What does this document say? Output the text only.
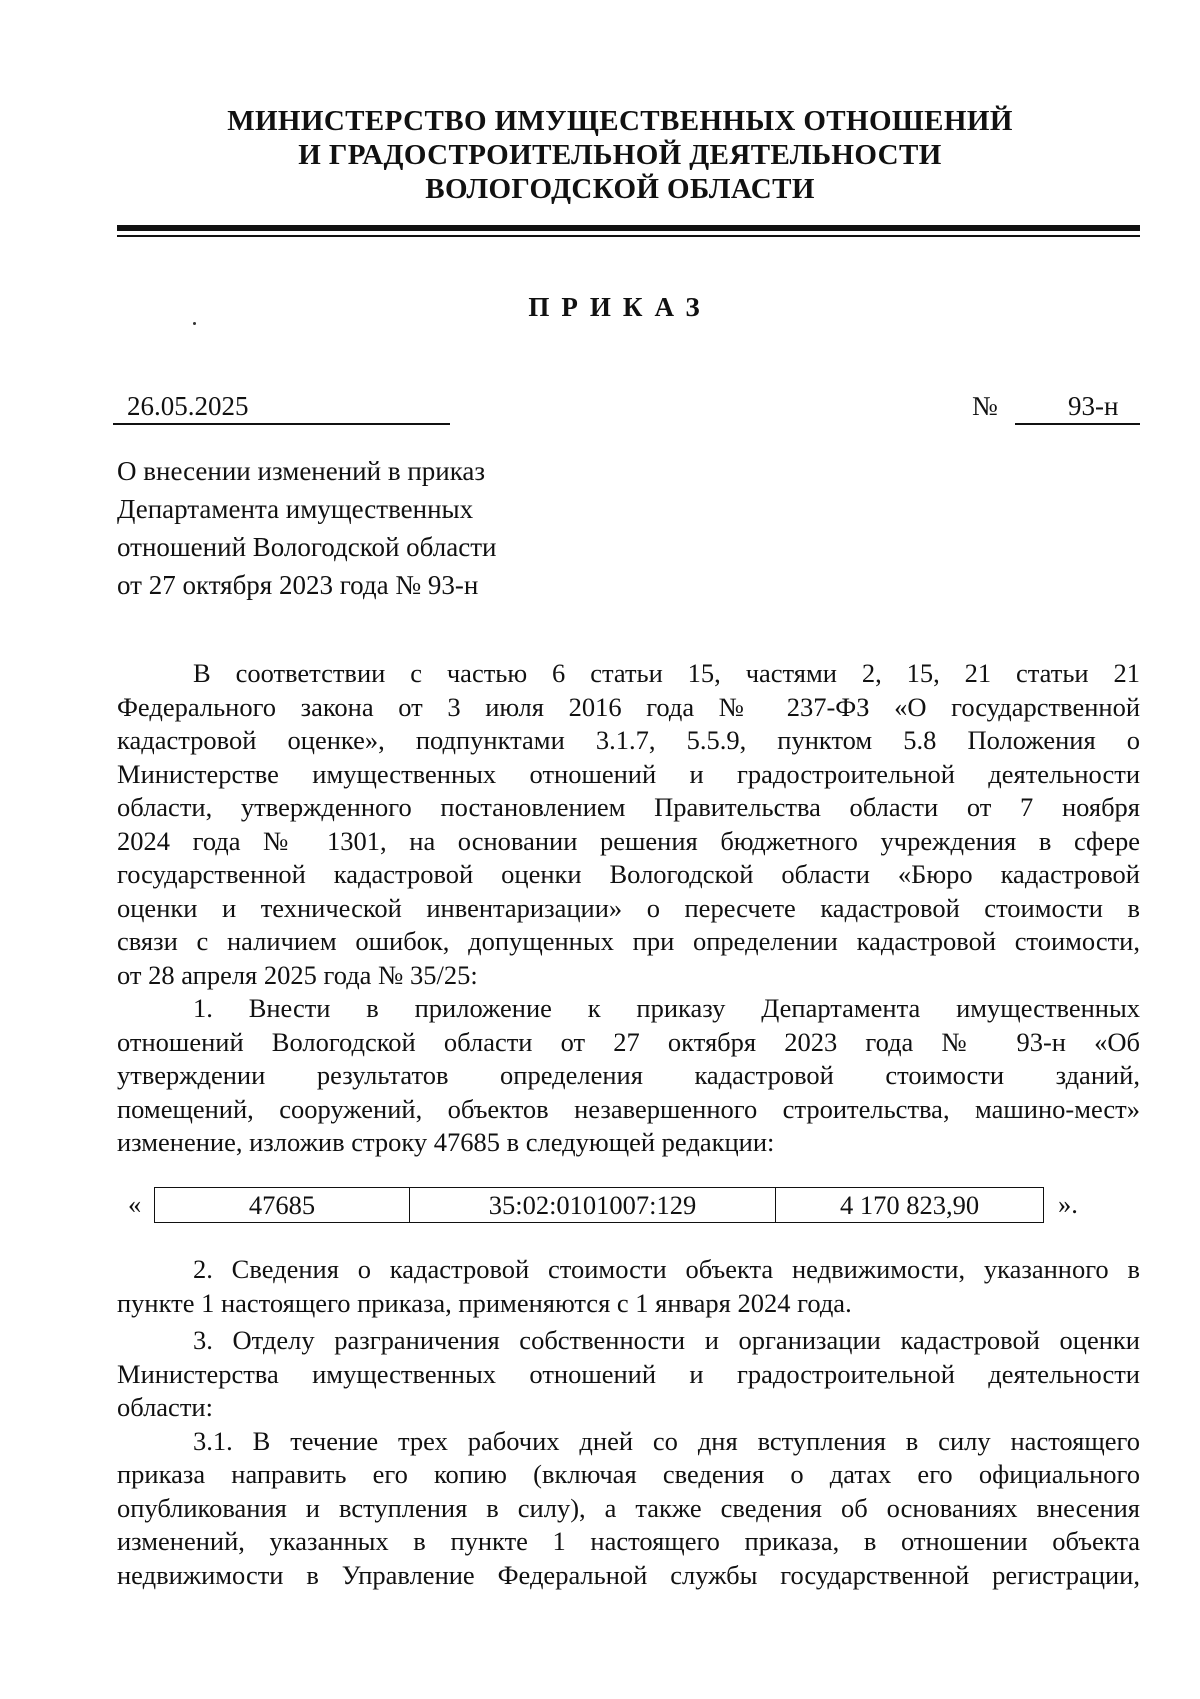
МИНИСТЕРСТВО ИМУЩЕСТВЕННЫХ ОТНОШЕНИЙ
И ГРАДОСТРОИТЕЛЬНОЙ ДЕЯТЕЛЬНОСТИ
ВОЛОГОДСКОЙ ОБЛАСТИ
ПРИКАЗ
26.05.2025	№	93-н
О внесении изменений в приказ
Департамента имущественных
отношений Вологодской области
от 27 октября 2023 года № 93-н
В соответствии с частью 6 статьи 15, частями 2, 15, 21 статьи 21
Федерального закона от 3 июля 2016 года № 237-ФЗ «О государственной
кадастровой оценке», подпунктами 3.1.7, 5.5.9, пунктом 5.8 Положения о
Министерстве имущественных отношений и градостроительной деятельности
области, утвержденного постановлением Правительства области от 7 ноября
2024 года № 1301, на основании решения бюджетного учреждения в сфере
государственной кадастровой оценки Вологодской области «Бюро кадастровой
оценки и технической инвентаризации» о пересчете кадастровой стоимости в
связи с наличием ошибок, допущенных при определении кадастровой стоимости,
от 28 апреля 2025 года № 35/25:
1. Внести в приложение к приказу Департамента имущественных
отношений Вологодской области от 27 октября 2023 года № 93-н «Об
утверждении результатов определения кадастровой стоимости зданий,
помещений, сооружений, объектов незавершенного строительства, машино-мест»
изменение, изложив строку 47685 в следующей редакции:
«	47685	35:02:0101007:129	4 170 823,90	».
2. Сведения о кадастровой стоимости объекта недвижимости, указанного в
пункте 1 настоящего приказа, применяются с 1 января 2024 года.
3. Отделу разграничения собственности и организации кадастровой оценки
Министерства имущественных отношений и градостроительной деятельности
области:
3.1. В течение трех рабочих дней со дня вступления в силу настоящего
приказа направить его копию (включая сведения о датах его официального
опубликования и вступления в силу), а также сведения об основаниях внесения
изменений, указанных в пункте 1 настоящего приказа, в отношении объекта
недвижимости в Управление Федеральной службы государственной регистрации,
